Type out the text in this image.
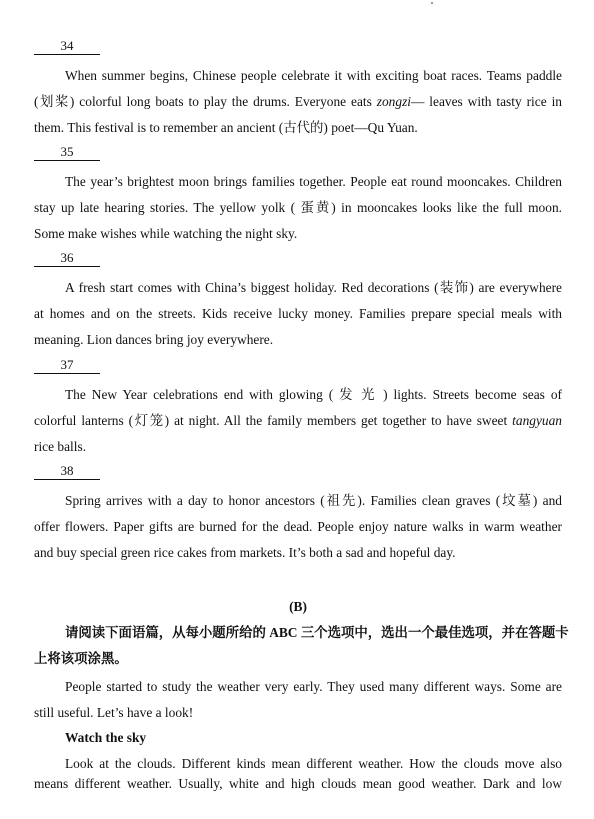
34
When summer begins, Chinese people celebrate it with exciting boat races. Teams paddle
(划桨) colorful long boats to play the drums. Everyone eats zongzi— leaves with tasty rice in
them. This festival is to remember an ancient (古代的) poet—Qu Yuan.
35
The year’s brightest moon brings families together. People eat round mooncakes. Children
stay up late hearing stories. The yellow yolk ( 蛋黄) in mooncakes looks like the full moon.
Some make wishes while watching the night sky.
36
A fresh start comes with China’s biggest holiday. Red decorations (装饰) are everywhere
at homes and on the streets. Kids receive lucky money. Families prepare special meals with
meaning. Lion dances bring joy everywhere.
37
The New Year celebrations end with glowing ( 发 光 ) lights. Streets become seas of
colorful lanterns (灯笼) at night. All the family members get together to have sweet tangyuan
rice balls.
38
Spring arrives with a day to honor ancestors (祖先). Families clean graves (坟墓) and
offer flowers. Paper gifts are burned for the dead. People enjoy nature walks in warm weather
and buy special green rice cakes from markets. It’s both a sad and hopeful day.
(B)
请阅读下面语篇，从每小题所给的 ABC 三个选项中，选出一个最佳选项，并在答题卡
上将该项涂黑。
People started to study the weather very early. They used many different ways. Some are
still useful. Let’s have a look!
Watch the sky
Look at the clouds. Different kinds mean different weather. How the clouds move also
means different weather. Usually, white and high clouds mean good weather. Dark and low
